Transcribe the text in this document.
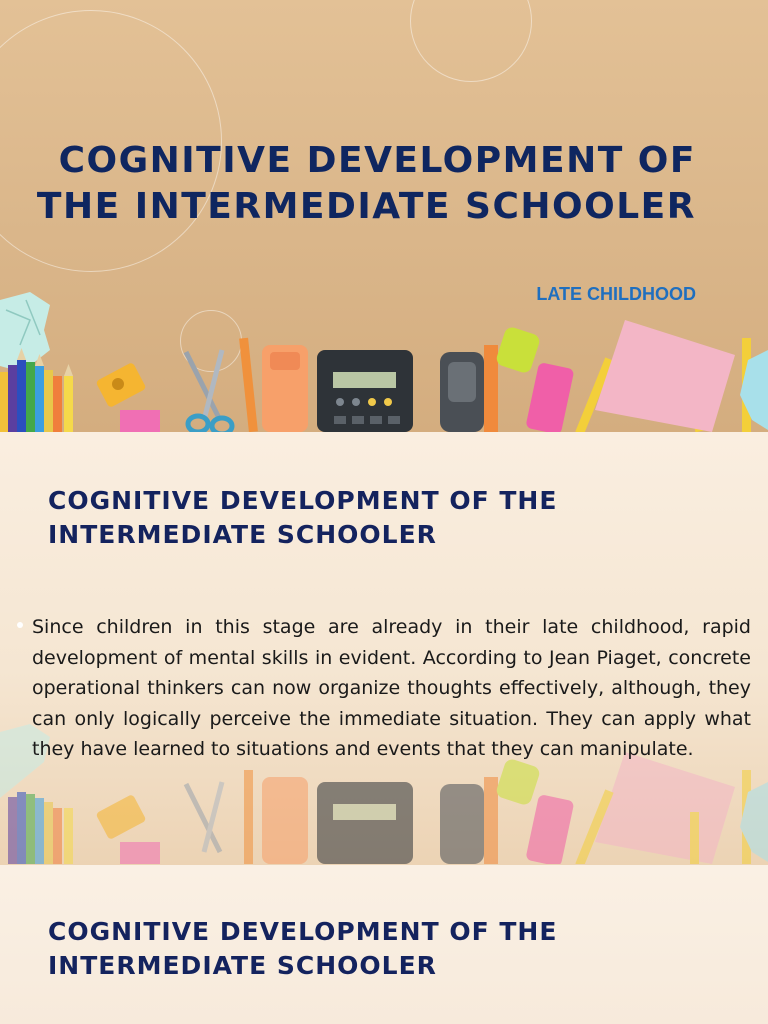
COGNITIVE DEVELOPMENT OF THE INTERMEDIATE SCHOOLER

LATE CHILDHOOD

COGNITIVE DEVELOPMENT OF THE INTERMEDIATE SCHOOLER

Since children in this stage are already in their late childhood, rapid development of mental skills in evident. According to Jean Piaget, concrete operational thinkers can now organize thoughts effectively, although, they can only logically perceive the immediate situation. They can apply what they have learned to situations and events that they can manipulate.

COGNITIVE DEVELOPMENT OF THE INTERMEDIATE SCHOOLER
